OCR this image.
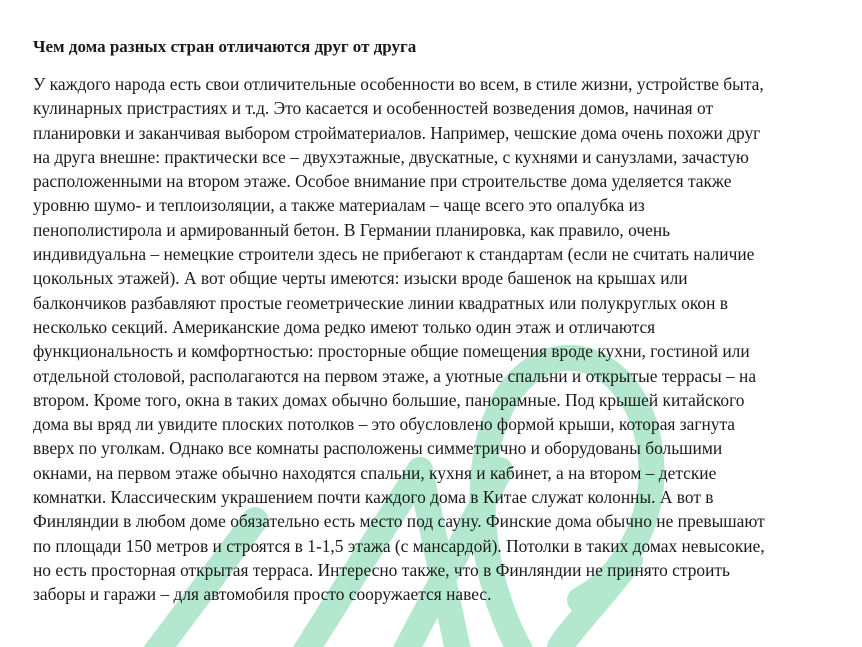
Чем дома разных стран отличаются друг от друга
У каждого народа есть свои отличительные особенности во всем, в стиле жизни, устройстве быта,
кулинарных пристрастиях и т.д. Это касается и особенностей возведения домов, начиная от
планировки и заканчивая выбором стройматериалов. Например, чешские дома очень похожи друг
на друга внешне: практически все – двухэтажные, двускатные, с кухнями и санузлами, зачастую
расположенными на втором этаже. Особое внимание при строительстве дома уделяется также
уровню шумо- и теплоизоляции, а также материалам – чаще всего это опалубка из
пенополистирола и армированный бетон. В Германии планировка, как правило, очень
индивидуальна – немецкие строители здесь не прибегают к стандартам (если не считать наличие
цокольных этажей). А вот общие черты имеются: изыски вроде башенок на крышах или
балкончиков разбавляют простые геометрические линии квадратных или полукруглых окон в
несколько секций. Американские дома редко имеют только один этаж и отличаются
функциональность и комфортностью: просторные общие помещения вроде кухни, гостиной или
отдельной столовой, располагаются на первом этаже, а уютные спальни и открытые террасы – на
втором. Кроме того, окна в таких домах обычно большие, панорамные. Под крышей китайского
дома вы вряд ли увидите плоских потолков – это обусловлено формой крыши, которая загнута
вверх по уголкам. Однако все комнаты расположены симметрично и оборудованы большими
окнами, на первом этаже обычно находятся спальни, кухня и кабинет, а на втором – детские
комнатки. Классическим украшением почти каждого дома в Китае служат колонны. А вот в
Финляндии в любом доме обязательно есть место под сауну. Финские дома обычно не превышают
по площади 150 метров и строятся в 1-1,5 этажа (с мансардой). Потолки в таких домах невысокие,
но есть просторная открытая терраса. Интересно также, что в Финляндии не принято строить
заборы и гаражи – для автомобиля просто сооружается навес.
